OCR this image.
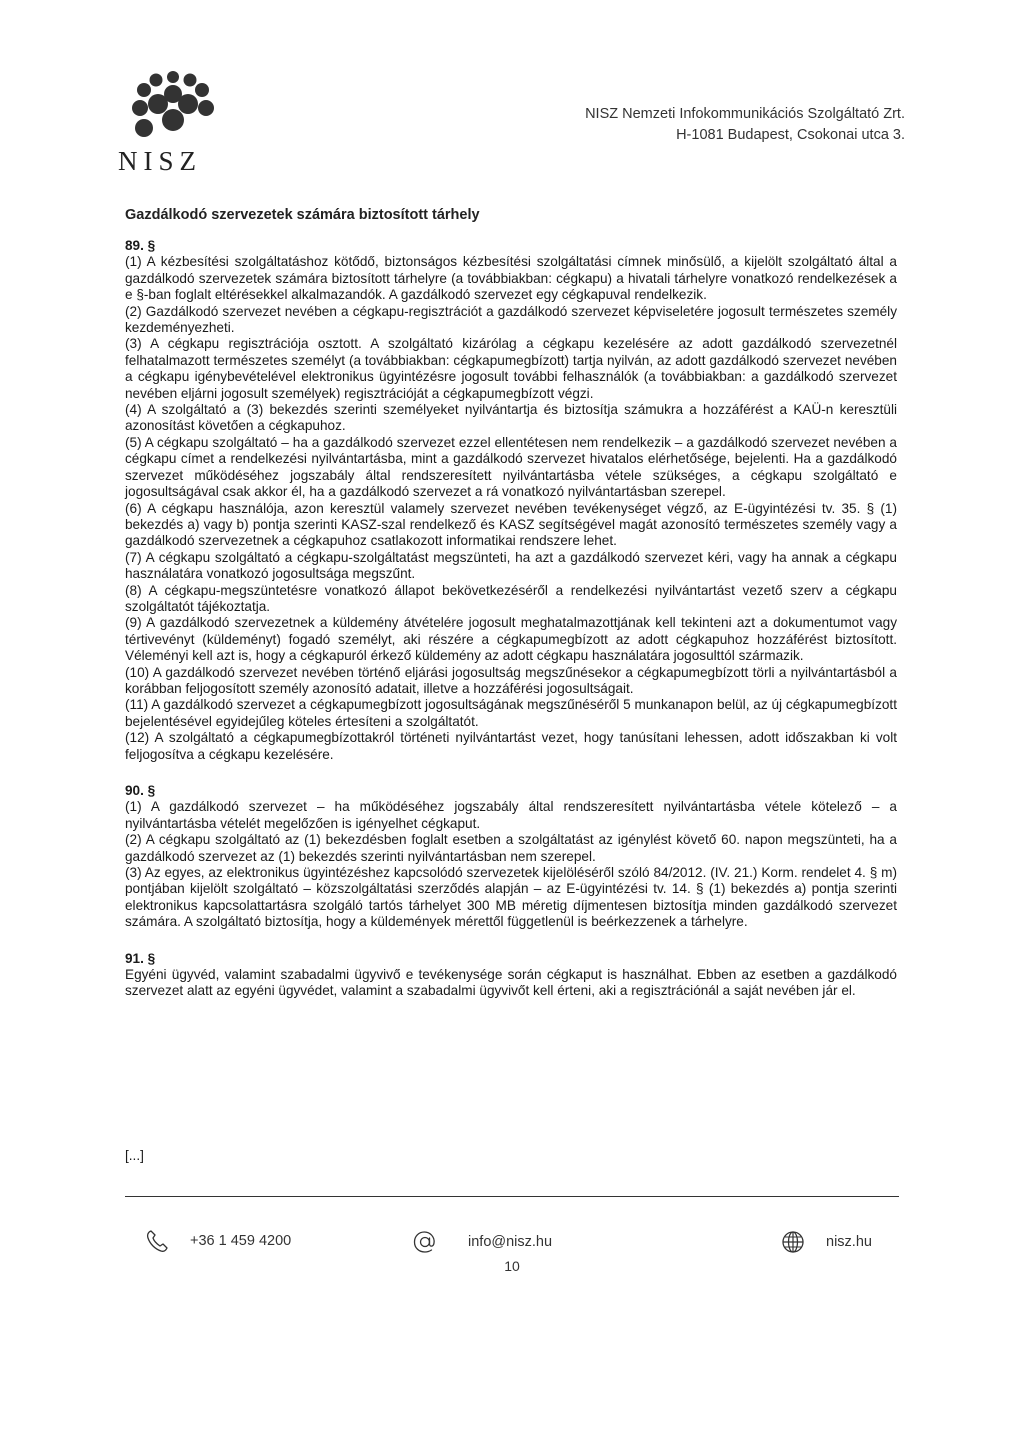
NISZ
NISZ Nemzeti Infokommunikációs Szolgáltató Zrt.
H-1081 Budapest, Csokonai utca 3.
Gazdálkodó szervezetek számára biztosított tárhely

89. §

(1) A kézbesítési szolgáltatáshoz kötődő, biztonságos kézbesítési szolgáltatási címnek minősülő, a kijelölt szolgáltató által a gazdálkodó szervezetek számára biztosított tárhelyre (a továbbiakban: cégkapu) a hivatali tárhelyre vonatkozó rendelkezések a e §-ban foglalt eltérésekkel alkalmazandók. A gazdálkodó szervezet egy cégkapuval rendelkezik.

(2) Gazdálkodó szervezet nevében a cégkapu-regisztrációt a gazdálkodó szervezet képviseletére jogosult természetes személy kezdeményezheti.

(3) A cégkapu regisztrációja osztott. A szolgáltató kizárólag a cégkapu kezelésére az adott gazdálkodó szervezetnél felhatalmazott természetes személyt (a továbbiakban: cégkapumegbízott) tartja nyilván, az adott gazdálkodó szervezet nevében a cégkapu igénybevételével elektronikus ügyintézésre jogosult további felhasználók (a továbbiakban: a gazdálkodó szervezet nevében eljárni jogosult személyek) regisztrációját a cégkapumegbízott végzi.

(4) A szolgáltató a (3) bekezdés szerinti személyeket nyilvántartja és biztosítja számukra a hozzáférést a KAÜ-n keresztüli azonosítást követően a cégkapuhoz.

(5) A cégkapu szolgáltató – ha a gazdálkodó szervezet ezzel ellentétesen nem rendelkezik – a gazdálkodó szervezet nevében a cégkapu címet a rendelkezési nyilvántartásba, mint a gazdálkodó szervezet hivatalos elérhetősége, bejelenti. Ha a gazdálkodó szervezet működéséhez jogszabály által rendszeresített nyilvántartásba vétele szükséges, a cégkapu szolgáltató e jogosultságával csak akkor él, ha a gazdálkodó szervezet a rá vonatkozó nyilvántartásban szerepel.

(6) A cégkapu használója, azon keresztül valamely szervezet nevében tevékenységet végző, az E-ügyintézési tv. 35. § (1) bekezdés a) vagy b) pontja szerinti KASZ-szal rendelkező és KASZ segítségével magát azonosító természetes személy vagy a gazdálkodó szervezetnek a cégkapuhoz csatlakozott informatikai rendszere lehet.

(7) A cégkapu szolgáltató a cégkapu-szolgáltatást megszünteti, ha azt a gazdálkodó szervezet kéri, vagy ha annak a cégkapu használatára vonatkozó jogosultsága megszűnt.

(8) A cégkapu-megszüntetésre vonatkozó állapot bekövetkezéséről a rendelkezési nyilvántartást vezető szerv a cégkapu szolgáltatót tájékoztatja.

(9) A gazdálkodó szervezetnek a küldemény átvételére jogosult meghatalmazottjának kell tekinteni azt a dokumentumot vagy tértivevényt (küldeményt) fogadó személyt, aki részére a cégkapumegbízott az adott cégkapuhoz hozzáférést biztosított. Véleményi kell azt is, hogy a cégkapuról érkező küldemény az adott cégkapu használatára jogosulttól származik.

(10) A gazdálkodó szervezet nevében történő eljárási jogosultság megszűnésekor a cégkapumegbízott törli a nyilvántartásból a korábban feljogosított személy azonosító adatait, illetve a hozzáférési jogosultságait.

(11) A gazdálkodó szervezet a cégkapumegbízott jogosultságának megszűnéséről 5 munkanapon belül, az új cégkapumegbízott bejelentésével egyidejűleg köteles értesíteni a szolgáltatót.

(12) A szolgáltató a cégkapumegbízottakról történeti nyilvántartást vezet, hogy tanúsítani lehessen, adott időszakban ki volt feljogosítva a cégkapu kezelésére.

90. §

(1) A gazdálkodó szervezet – ha működéséhez jogszabály által rendszeresített nyilvántartásba vétele kötelező – a nyilvántartásba vételét megelőzően is igényelhet cégkaput.

(2) A cégkapu szolgáltató az (1) bekezdésben foglalt esetben a szolgáltatást az igénylést követő 60. napon megszünteti, ha a gazdálkodó szervezet az (1) bekezdés szerinti nyilvántartásban nem szerepel.

(3) Az egyes, az elektronikus ügyintézéshez kapcsolódó szervezetek kijelöléséről szóló 84/2012. (IV. 21.) Korm. rendelet 4. § m) pontjában kijelölt szolgáltató – közszolgáltatási szerződés alapján – az E-ügyintézési tv. 14. § (1) bekezdés a) pontja szerinti elektronikus kapcsolattartásra szolgáló tartós tárhelyet 300 MB méretig díjmentesen biztosítja minden gazdálkodó szervezet számára. A szolgáltató biztosítja, hogy a küldemények mérettől függetlenül is beérkezzenek a tárhelyre.

91. §

Egyéni ügyvéd, valamint szabadalmi ügyvivő e tevékenysége során cégkaput is használhat. Ebben az esetben a gazdálkodó szervezet alatt az egyéni ügyvédet, valamint a szabadalmi ügyvivőt kell érteni, aki a regisztrációnál a saját nevében jár el.

[...]
+36 1 459 4200	info@nisz.hu	nisz.hu
10
